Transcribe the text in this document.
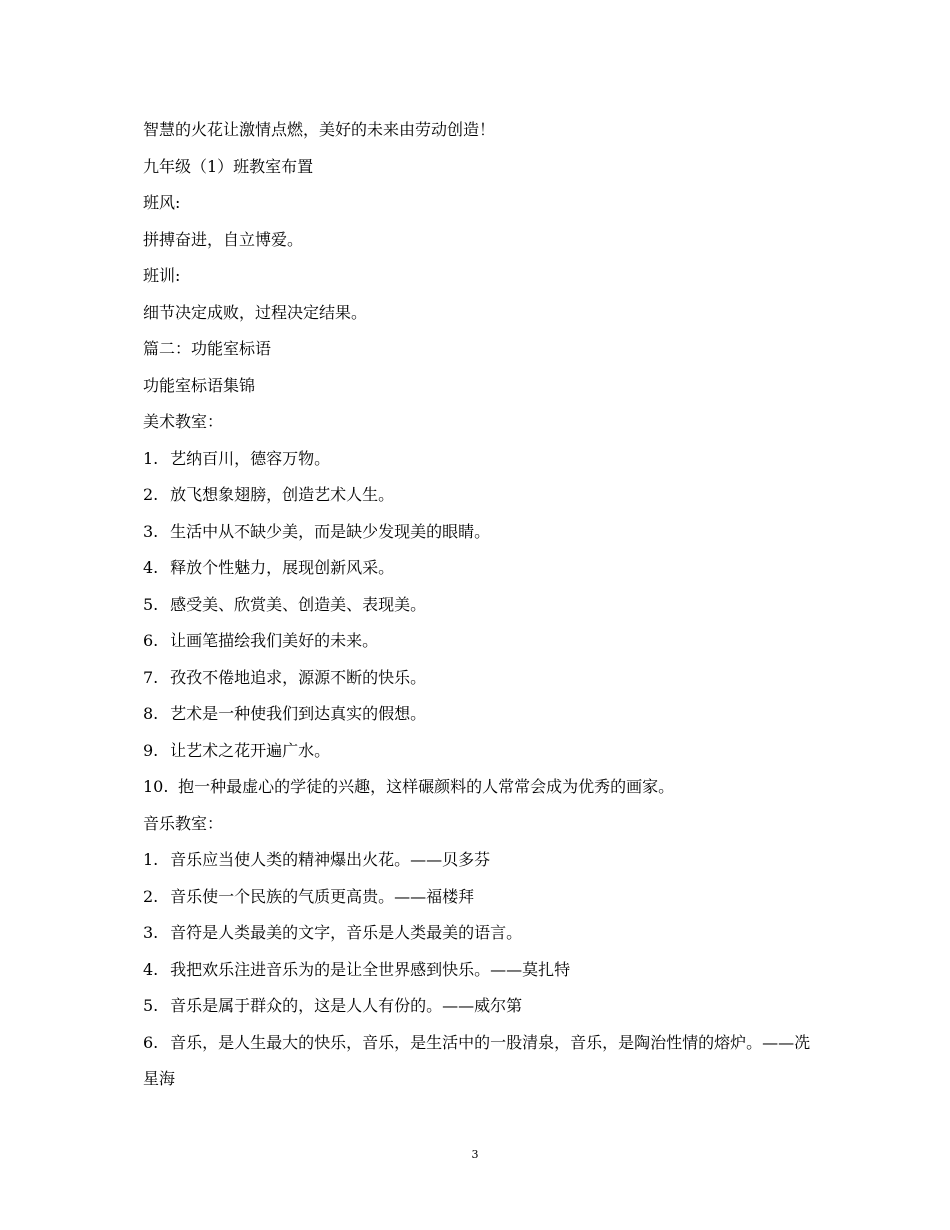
智慧的火花让激情点燃，美好的未来由劳动创造！

九年级（1）班教室布置

班风:

拼搏奋进，自立博爱。

班训:

细节决定成败，过程决定结果。

篇二：功能室标语

功能室标语集锦

美术教室：

1. 艺纳百川，德容万物。

2. 放飞想象翅膀，创造艺术人生。

3. 生活中从不缺少美，而是缺少发现美的眼睛。

4. 释放个性魅力，展现创新风采。

5. 感受美、欣赏美、创造美、表现美。

6. 让画笔描绘我们美好的未来。

7. 孜孜不倦地追求，源源不断的快乐。

8. 艺术是一种使我们到达真实的假想。

9. 让艺术之花开遍广水。

10. 抱一种最虚心的学徒的兴趣，这样碾颜料的人常常会成为优秀的画家。

音乐教室：

1. 音乐应当使人类的精神爆出火花。——贝多芬

2. 音乐使一个民族的气质更高贵。——福楼拜

3. 音符是人类最美的文字，音乐是人类最美的语言。

4. 我把欢乐注进音乐为的是让全世界感到快乐。——莫扎特

5. 音乐是属于群众的，这是人人有份的。——威尔第

6. 音乐，是人生最大的快乐，音乐，是生活中的一股清泉，音乐，是陶治性情的熔炉。——冼星海

3
